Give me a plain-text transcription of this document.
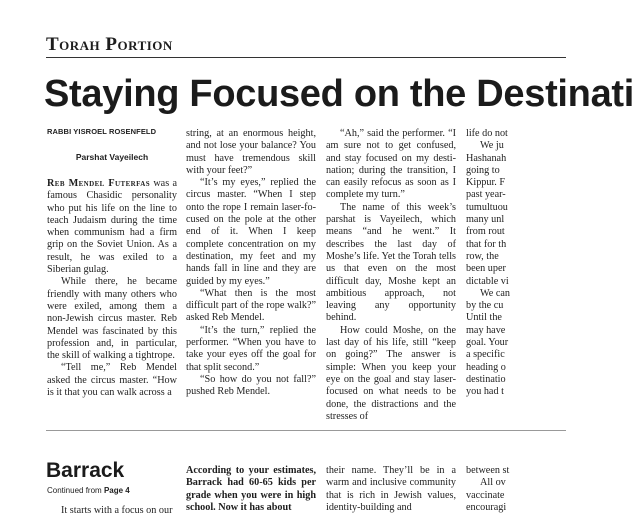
Torah Portion
Staying Focused on the Destinati
RABBI YISROEL ROSENFELD
Parshat Vayeilech

Reb Mendel Futerfas was a famous Chasidic personality who put his life on the line to teach Judaism during the time when communism had a firm grip on the Soviet Union. As a result, he was exiled to a Siberian gulag.

While there, he became friendly with many others who were exiled, among them a non-Jewish circus master. Reb Mendel was fascinated by this profession and, in particular, the skill of walking a tightrope.

“Tell me,” Reb Mendel asked the circus master. “How is it that you can walk across a

string, at an enormous height, and not lose your balance? You must have tremendous skill with your feet?”

“It’s my eyes,” replied the circus master. “When I step onto the rope I remain laser-focused on the pole at the other end of it. When I keep complete concentration on my destination, my feet and my hands fall in line and they are guided by my eyes.”

“What then is the most difficult part of the rope walk?” asked Reb Mendel.

“It’s the turn,” replied the performer. “When you have to take your eyes off the goal for that split second.”

“So how do you not fall?” pushed Reb Mendel.

“Ah,” said the performer. “I am sure not to get confused, and stay focused on my destination; during the transition, I can easily refocus as soon as I complete my turn.”

The name of this week’s parshat is Vayeilech, which means “and he went.” It describes the last day of Moshe’s life. Yet the Torah tells us that even on the most difficult day, Moshe kept an ambitious approach, not leaving any opportunity behind.

How could Moshe, on the last day of his life, still “keep on going?” The answer is simple: When you keep your eye on the goal and stay laser-focused on what needs to be done, the distractions and the stresses of

life do not
We ju
Hashanah
going to
Kippur. F
past year-
tumultuou
many unl
from rout
that for th
row, the
been uper
dictable vi
We can
by the cu
Until the
may have
goal. Your
a specific
heading o
destinatio
you had t
Barrack
Continued from Page 4

It starts with a focus on our

According to your estimates, Barrack had 60-65 kids per grade when you were in high school. Now it has about

their name. They’ll be in a warm and inclusive community that is rich in Jewish values, identity-building and

between st
All ov
vaccinate
encouragi
